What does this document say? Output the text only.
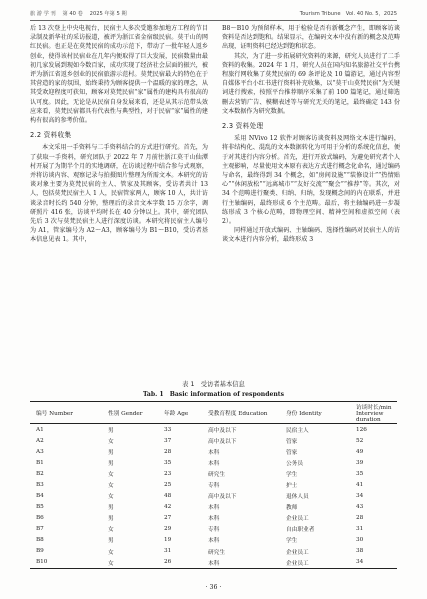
旅 游 学 刊 　第 40 卷 　2025 年第 5 期	Tourism Tribune　Vol. 40 No. 5，2025

后 13 次登上中央电视台，民宿主人多次受邀参加地方工程的节目录制及新华社的采访报道，被评为浙江省金宿级民宿。莫干山的网红民宿。也正是在莫梵民宿的成功示范下，带动了一批年轻人返乡创业，使得该村民宿业在几年内便取得了巨大发展，民宿数量由最初几家发展到现如今数百家，成功实现了经济社会层面的振兴，被评为浙江省返乡创业的民宿旅游示范村。莫梵民宿最大的特色在于其营造的家的氛围，始终秉持为顾客提供一个温暖的家的理念，从其受欢迎程度可获知，顾客对莫梵民宿“家”属性的建构具有很高的认可度。因此，无论是从民宿自身发展来看，还是从其示范带头效应来看，莫梵民宿都具有代表性与典型性，对于民宿“家”属性的建构有很高的参考价值。

2.2 资料收集

本文采用一手资料与二手资料结合的方式进行研究。首先，为了获取一手资料，研究团队于 2022 年 7 月前往浙江莫干山仙潭村开展了为期半个月的实地调研，在访谈过程中结合参与式观察，并将访谈内容、观察记录与拍摄图片整理为所需文本。本研究的访谈对象主要为莫梵民宿的主人、管家及其顾客，受访者共计 13 人，包括莫梵民宿主人 1 人，民宿管家两人，顾客 10 人，共计访谈录音时长约 540 分钟，整理后的录音文本字数 15 万余字，调研照片 416 张，访谈平均时长在 40 分钟以上。其中，研究团队先后 3 次与莫梵民宿主人进行深度访谈。本研究将民宿主人编号为 A1，管家编号为 A2～A3，顾客编号为 B1～B10，受访者基本信息见表 1。其中，

B8～B10 为预留样本，用于检验是否有新概念产生，即顾客访谈资料是否达到饱和。结果显示，在编码文本中没有新的概念及范畴出现，证明资料已经达到饱和状态。

其次，为了进一步拓展研究资料的来源，研究人员进行了二手资料的收集。2024 年 1 月，研究人员在国内知名旅游社交平台携程旅行网收集了莫梵民宿的 69 条评论及 10 篇游记，通过内容型自媒体平台小红书进行资料补充收集，以“莫干山莫梵民宿”为关键词进行搜索，按照平台推荐顺序采集了前 100 篇笔记，通过筛选删去营销广告、模糊表述等与研究无关的笔记，最终确定 143 份文本数据作为研究数据。

2.3 资料处理

采用 NVivo 12 软件对顾客访谈资料及网络文本进行编码，将非结构化、混乱的文本数据转化为可用于分析的系统化信息，便于对其进行内容分析。首先，进行开放式编码，为避免研究者个人主观影响，尽量使用文本原有表达方式进行概念化命名，通过编码与命名，最终得到 34 个概念，如“房间设施”“装修设计”“热情贴心”“休闲放松”“远离城市”“友好交流”“聚会”“推荐”等。其次，对 34 个范畴进行聚类、归纳、归纳，发现概念间的内在联系，并进行主轴编码，最终形成 6 个主范畴。最后，将主轴编码进一步凝练形成 3 个核心范畴，即物理空间、精神空间和虚拟空间（表 2）。

同样通过开放式编码、主轴编码、选择性编码对民宿主人的访谈文本进行内容分析，最终形成 3

表 1　受访者基本信息
Tab. 1　Basic information of respondents
编号 Number	性别 Gender	年龄 Age	受教育程度 Education	身份 Identity	访谈时长/min Interview duration
A1	男	33	高中及以下	民宿主人	126
A2	女	37	高中及以下	管家	52
A3	男	28	本科	管家	49
B1	男	35	本科	公务员	39
B2	女	23	研究生	学生	35
B3	女	25	专科	护士	41
B4	女	48	高中及以下	退休人员	34
B5	男	42	本科	教师	43
B6	男	27	本科	企业员工	28
B7	女	29	专科	自由职业者	31
B8	男	19	本科	学生	30
B9	女	31	研究生	企业员工	38
B10	女	26	本科	企业员工	34
· 36 ·
